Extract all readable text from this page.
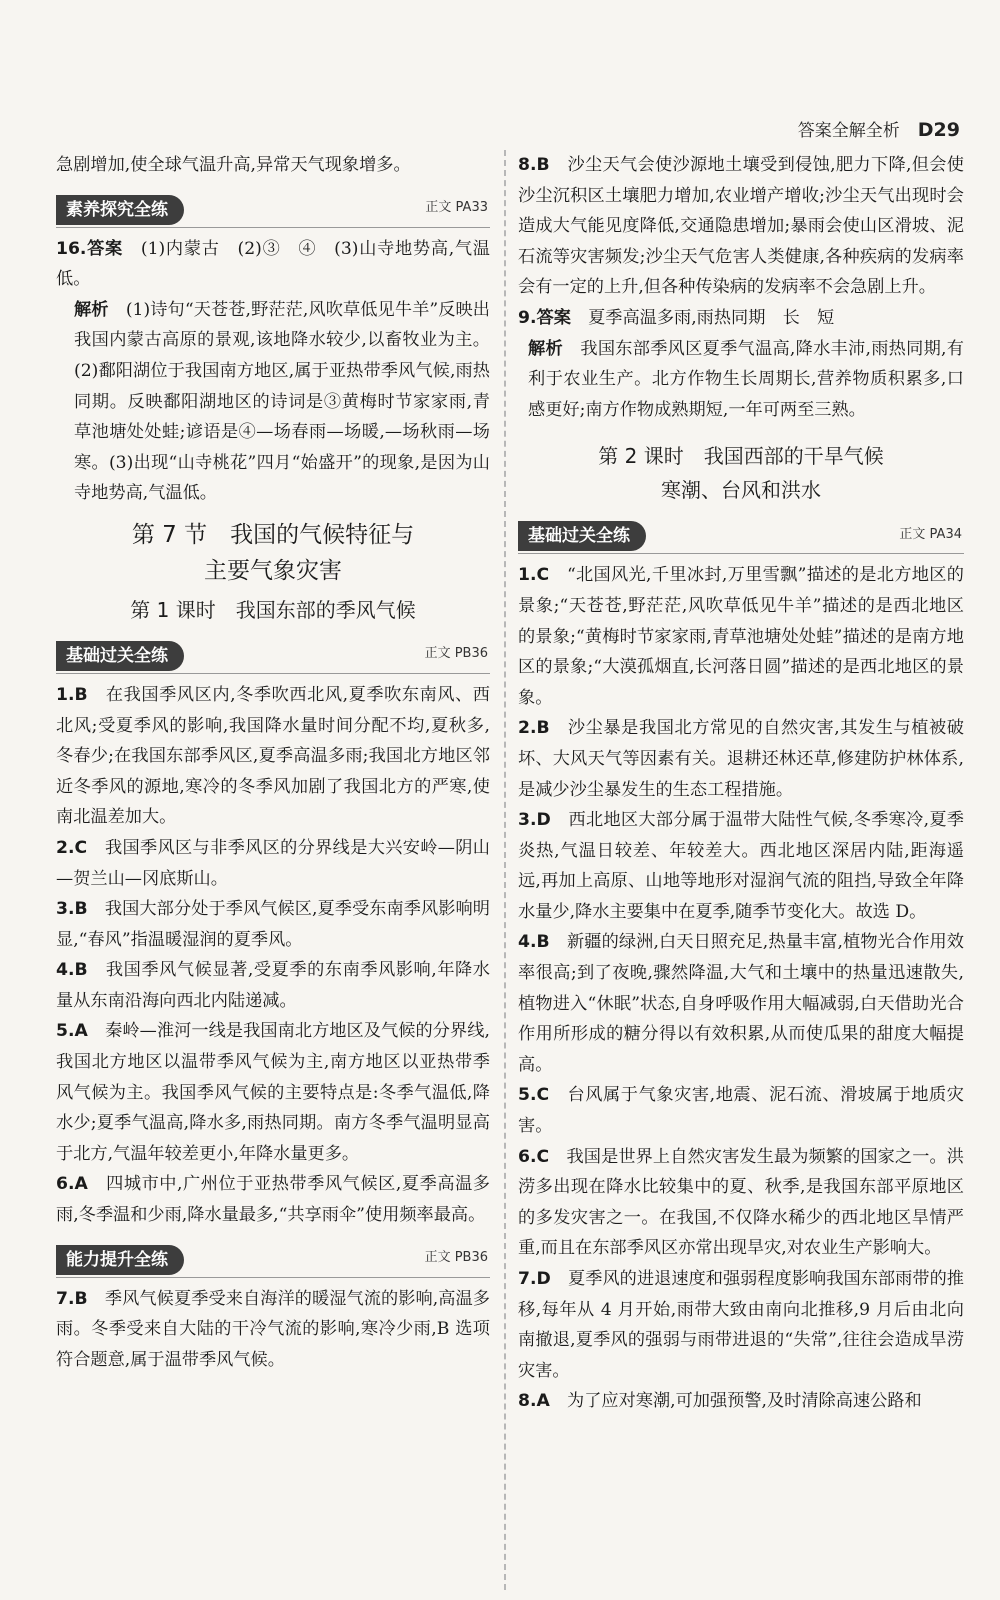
答案全解全析 D29

急剧增加,使全球气温升高,异常天气现象增多。

素养探究全练	正文 PA33

16.答案　 (1)内蒙古　(2)③　④　(3)山寺地势高,气温低。

解析　 (1)诗句“天苍苍,野茫茫,风吹草低见牛羊”反映出我国内蒙古高原的景观,该地降水较少,以畜牧业为主。(2)鄱阳湖位于我国南方地区,属于亚热带季风气候,雨热同期。反映鄱阳湖地区的诗词是③黄梅时节家家雨,青草池塘处处蛙;谚语是④—场春雨—场暖,—场秋雨—场寒。(3)出现“山寺桃花”四月“始盛开”的现象,是因为山寺地势高,气温低。

第 7 节　我国的气候特征与
主要气象灾害
第 1 课时　我国东部的季风气候
基础过关全练	正文 PB36

1.B　 在我国季风区内,冬季吹西北风,夏季吹东南风、西北风;受夏季风的影响,我国降水量时间分配不均,夏秋多,冬春少;在我国东部季风区,夏季高温多雨;我国北方地区邻近冬季风的源地,寒冷的冬季风加剧了我国北方的严寒,使南北温差加大。

2.C　 我国季风区与非季风区的分界线是大兴安岭—阴山—贺兰山—冈底斯山。

3.B　 我国大部分处于季风气候区,夏季受东南季风影响明显,“春风”指温暖湿润的夏季风。

4.B　 我国季风气候显著,受夏季的东南季风影响,年降水量从东南沿海向西北内陆递减。

5.A　 秦岭—淮河一线是我国南北方地区及气候的分界线,我国北方地区以温带季风气候为主,南方地区以亚热带季风气候为主。我国季风气候的主要特点是:冬季气温低,降水少;夏季气温高,降水多,雨热同期。南方冬季气温明显高于北方,气温年较差更小,年降水量更多。

6.A　 四城市中,广州位于亚热带季风气候区,夏季高温多雨,冬季温和少雨,降水量最多,“共享雨伞”使用频率最高。

能力提升全练	正文 PB36

7.B　 季风气候夏季受来自海洋的暖湿气流的影响,高温多雨。冬季受来自大陆的干冷气流的影响,寒冷少雨,B 选项符合题意,属于温带季风气候。

8.B　 沙尘天气会使沙源地土壤受到侵蚀,肥力下降,但会使沙尘沉积区土壤肥力增加,农业增产增收;沙尘天气出现时会造成大气能见度降低,交通隐患增加;暴雨会使山区滑坡、泥石流等灾害频发;沙尘天气危害人类健康,各种疾病的发病率会有一定的上升,但各种传染病的发病率不会急剧上升。

9.答案　 夏季高温多雨,雨热同期　长　短

解析　 我国东部季风区夏季气温高,降水丰沛,雨热同期,有利于农业生产。北方作物生长周期长,营养物质积累多,口感更好;南方作物成熟期短,一年可两至三熟。

第 2 课时　我国西部的干旱气候
寒潮、台风和洪水
基础过关全练	正文 PA34

1.C　 “北国风光,千里冰封,万里雪飘”描述的是北方地区的景象;“天苍苍,野茫茫,风吹草低见牛羊”描述的是西北地区的景象;“黄梅时节家家雨,青草池塘处处蛙”描述的是南方地区的景象;“大漠孤烟直,长河落日圆”描述的是西北地区的景象。

2.B　 沙尘暴是我国北方常见的自然灾害,其发生与植被破坏、大风天气等因素有关。退耕还林还草,修建防护林体系,是减少沙尘暴发生的生态工程措施。

3.D　 西北地区大部分属于温带大陆性气候,冬季寒冷,夏季炎热,气温日较差、年较差大。西北地区深居内陆,距海遥远,再加上高原、山地等地形对湿润气流的阻挡,导致全年降水量少,降水主要集中在夏季,随季节变化大。故选 D。

4.B　 新疆的绿洲,白天日照充足,热量丰富,植物光合作用效率很高;到了夜晚,骤然降温,大气和土壤中的热量迅速散失,植物进入“休眠”状态,自身呼吸作用大幅减弱,白天借助光合作用所形成的糖分得以有效积累,从而使瓜果的甜度大幅提高。

5.C　 台风属于气象灾害,地震、泥石流、滑坡属于地质灾害。

6.C　 我国是世界上自然灾害发生最为频繁的国家之一。洪涝多出现在降水比较集中的夏、秋季,是我国东部平原地区的多发灾害之一。在我国,不仅降水稀少的西北地区旱情严重,而且在东部季风区亦常出现旱灾,对农业生产影响大。

7.D　 夏季风的进退速度和强弱程度影响我国东部雨带的推移,每年从 4 月开始,雨带大致由南向北推移,9 月后由北向南撤退,夏季风的强弱与雨带进退的“失常”,往往会造成旱涝灾害。

8.A　 为了应对寒潮,可加强预警,及时清除高速公路和
